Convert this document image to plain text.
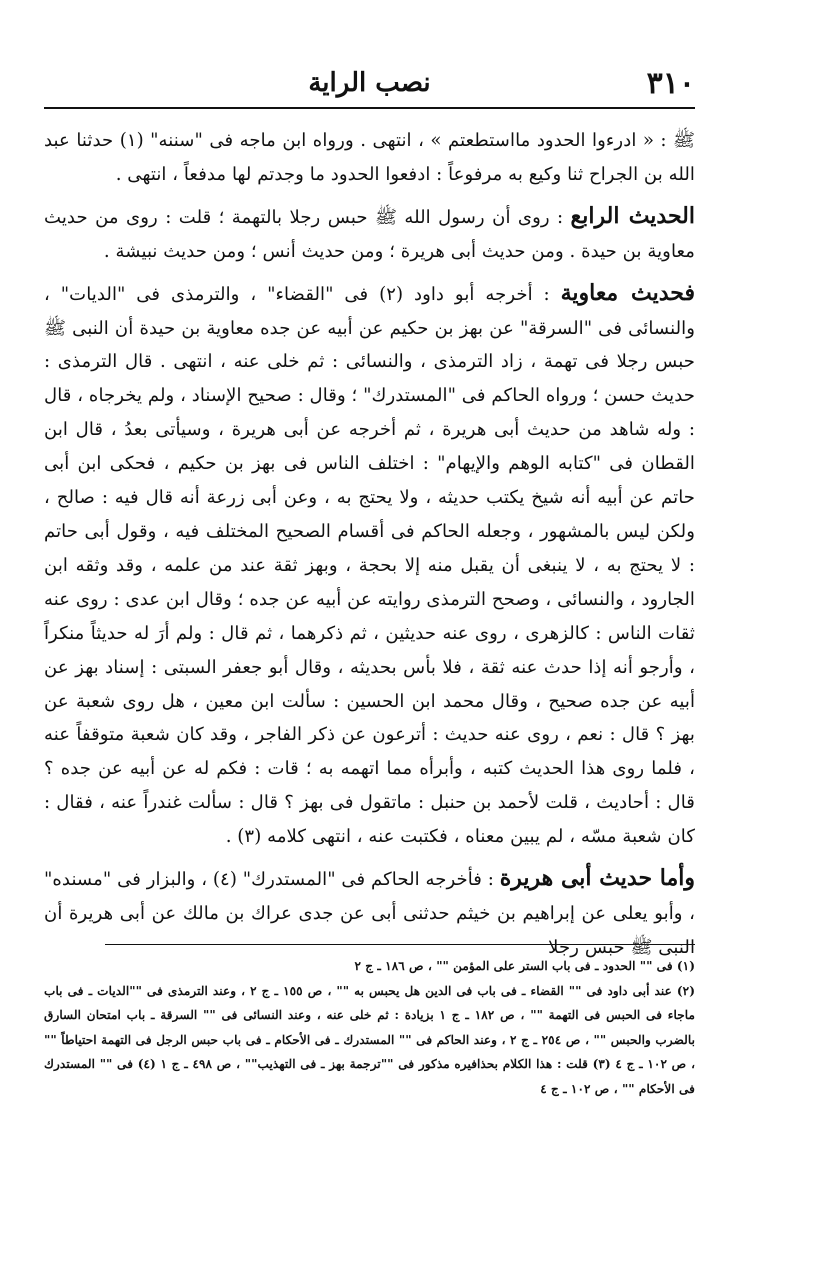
٣١٠
نصب الراية

ﷺ : « ادرءوا الحدود مااستطعتم » ، انتهى . ورواه ابن ماجه فى "سننه" (١) حدثنا عبد الله بن الجراح ثنا وكيع به مرفوعاً : ادفعوا الحدود ما وجدتم لها مدفعاً ، انتهى .

الحديث الرابع : روى أن رسول الله ﷺ حبس رجلا بالتهمة ؛ قلت : روى من حديث معاوية بن حيدة . ومن حديث أبى هريرة ؛ ومن حديث أنس ؛ ومن حديث نبيشة .

فحديث معاوية : أخرجه أبو داود (٢) فى "القضاء" ، والترمذى فى "الديات" ، والنسائى فى "السرقة" عن بهز بن حكيم عن أبيه عن جده معاوية بن حيدة أن النبى ﷺ حبس رجلا فى تهمة ، زاد الترمذى ، والنسائى : ثم خلى عنه ، انتهى . قال الترمذى : حديث حسن ؛ ورواه الحاكم فى "المستدرك" ؛ وقال : صحيح الإسناد ، ولم يخرجاه ، قال : وله شاهد من حديث أبى هريرة ، ثم أخرجه عن أبى هريرة ، وسيأتى بعدُ ، قال ابن القطان فى "كتابه الوهم والإيهام" : اختلف الناس فى بهز بن حكيم ، فحكى ابن أبى حاتم عن أبيه أنه شيخ يكتب حديثه ، ولا يحتج به ، وعن أبى زرعة أنه قال فيه : صالح ، ولكن ليس بالمشهور ، وجعله الحاكم فى أقسام الصحيح المختلف فيه ، وقول أبى حاتم : لا يحتج به ، لا ينبغى أن يقبل منه إلا بحجة ، وبهز ثقة عند من علمه ، وقد وثقه ابن الجارود ، والنسائى ، وصحح الترمذى روايته عن أبيه عن جده ؛ وقال ابن عدى : روى عنه ثقات الناس : كالزهرى ، روى عنه حديثين ، ثم ذكرهما ، ثم قال : ولم أرَ له حديثاً منكراً ، وأرجو أنه إذا حدث عنه ثقة ، فلا بأس بحديثه ، وقال أبو جعفر السبتى : إسناد بهز عن أبيه عن جده صحيح ، وقال محمد ابن الحسين : سألت ابن معين ، هل روى شعبة عن بهز ؟ قال : نعم ، روى عنه حديث : أترعون عن ذكر الفاجر ، وقد كان شعبة متوقفاً عنه ، فلما روى هذا الحديث كتبه ، وأبرأه مما اتهمه به ؛ قات : فكم له عن أبيه عن جده ؟ قال : أحاديث ، قلت لأحمد بن حنبل : ماتقول فى بهز ؟ قال : سألت غندراً عنه ، فقال : كان شعبة مسّه ، لم يبين معناه ، فكتبت عنه ، انتهى كلامه (٣) .

وأما حديث أبى هريرة : فأخرجه الحاكم فى "المستدرك" (٤) ، والبزار فى "مسنده" ، وأبو يعلى عن إبراهيم بن خيثم حدثنى أبى عن جدى عراك بن مالك عن أبى هريرة أن النبى ﷺ حبس رجلا

(١) فى "" الحدود ـ فى باب الستر على المؤمن "" ، ص ١٨٦ ـ ج ٢

(٢) عند أبى داود فى "" القضاء ـ فى باب فى الدين هل يحبس به "" ، ص ١٥٥ ـ ج ٢ ، وعند الترمذى فى ""الديات ـ فى باب ماجاء فى الحبس فى التهمة "" ، ص ١٨٢ ـ ج ١ بزيادة : ثم خلى عنه ، وعند النسائى فى "" السرقة ـ باب امتحان السارق بالضرب والحبس "" ، ص ٢٥٤ ـ ج ٢ ، وعند الحاكم فى "" المستدرك ـ فى الأحكام ـ فى باب حبس الرجل فى التهمة احتياطاً "" ، ص ١٠٢ ـ ج ٤ (٣) قلت : هذا الكلام بحذافيره مذكور فى ""ترجمة بهز ـ فى التهذيب"" ، ص ٤٩٨ ـ ج ١ (٤) فى "" المستدرك فى الأحكام "" ، ص ١٠٢ ـ ج ٤
